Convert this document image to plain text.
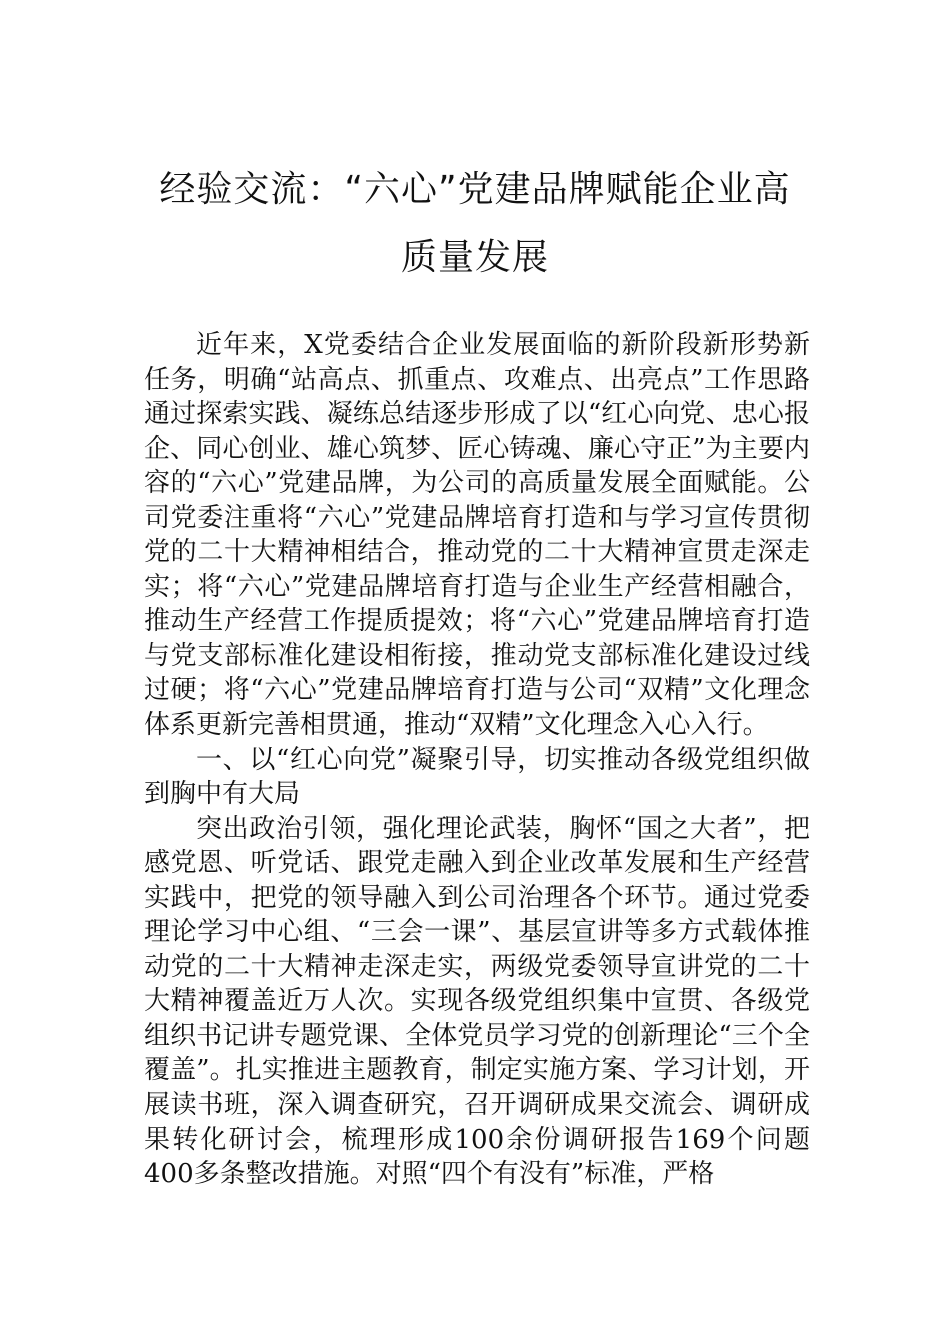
经验交流：“六心”党建品牌赋能企业高
质量发展

近年来，X党委结合企业发展面临的新阶段新形势新任务，明确“站高点、抓重点、攻难点、出亮点”工作思路通过探索实践、凝练总结逐步形成了以“红心向党、忠心报企、同心创业、雄心筑梦、匠心铸魂、廉心守正”为主要内容的“六心”党建品牌，为公司的高质量发展全面赋能。公司党委注重将“六心”党建品牌培育打造和与学习宣传贯彻党的二十大精神相结合，推动党的二十大精神宣贯走深走实；将“六心”党建品牌培育打造与企业生产经营相融合，推动生产经营工作提质提效；将“六心”党建品牌培育打造与党支部标准化建设相衔接，推动党支部标准化建设过线过硬；将“六心”党建品牌培育打造与公司“双精”文化理念体系更新完善相贯通，推动“双精”文化理念入心入行。

一、以“红心向党”凝聚引导，切实推动各级党组织做到胸中有大局

突出政治引领，强化理论武装，胸怀“国之大者”，把感党恩、听党话、跟党走融入到企业改革发展和生产经营实践中，把党的领导融入到公司治理各个环节。通过党委理论学习中心组、“三会一课”、基层宣讲等多方式载体推动党的二十大精神走深走实，两级党委领导宣讲党的二十大精神覆盖近万人次。实现各级党组织集中宣贯、各级党组织书记讲专题党课、全体党员学习党的创新理论“三个全覆盖”。扎实推进主题教育，制定实施方案、学习计划，开展读书班，深入调查研究，召开调研成果交流会、调研成果转化研讨会，梳理形成100余份调研报告169个问题400多条整改措施。对照“四个有没有”标准，严格
